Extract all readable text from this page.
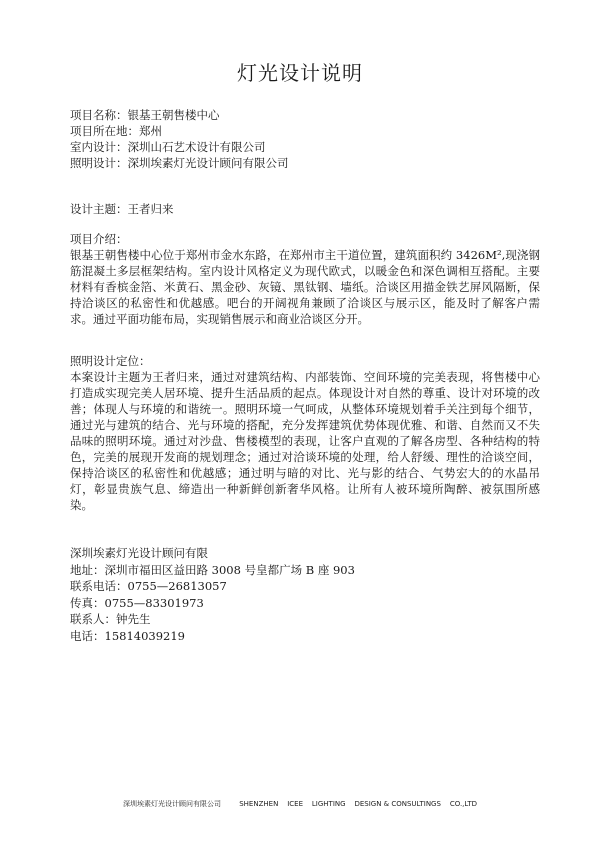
灯光设计说明
项目名称：银基王朝售楼中心
项目所在地：郑州
室内设计：深圳山石艺术设计有限公司
照明设计：深圳埃素灯光设计顾问有限公司
设计主题：王者归来
项目介绍：
银基王朝售楼中心位于郑州市金水东路，在郑州市主干道位置，建筑面积约 3426M²,现浇钢筋混凝土多层框架结构。室内设计风格定义为现代欧式，以暖金色和深色调相互搭配。主要材料有香槟金箔、米黄石、黑金砂、灰镜、黑钛钢、墙纸。洽谈区用描金铁艺屏风隔断，保持洽谈区的私密性和优越感。吧台的开阔视角兼顾了洽谈区与展示区，能及时了解客户需求。通过平面功能布局，实现销售展示和商业洽谈区分开。
照明设计定位：
本案设计主题为王者归来，通过对建筑结构、内部装饰、空间环境的完美表现，将售楼中心打造成实现完美人居环境、提升生活品质的起点。体现设计对自然的尊重、设计对环境的改善；体现人与环境的和谐统一。照明环境一气呵成，从整体环境规划着手关注到每个细节，通过光与建筑的结合、光与环境的搭配，充分发挥建筑优势体现优雅、和谐、自然而又不失品味的照明环境。通过对沙盘、售楼模型的表现，让客户直观的了解各房型、各种结构的特色，完美的展现开发商的规划理念；通过对洽谈环境的处理，给人舒缓、理性的洽谈空间，保持洽谈区的私密性和优越感；通过明与暗的对比、光与影的结合、气势宏大的的水晶吊灯，彰显贵族气息、缔造出一种新鲜创新奢华风格。让所有人被环境所陶醉、被氛围所感染。
深圳埃素灯光设计顾问有限
地址：深圳市福田区益田路 3008 号皇都广场 B 座 903
联系电话：0755—26813057
传真：0755—83301973
联系人：钟先生
电话：15814039219
深圳埃素灯光设计顾问有限公司	SHENZHEN    ICEE    LIGHTING    DESIGN & CONSULTINGS    CO.,LTD
